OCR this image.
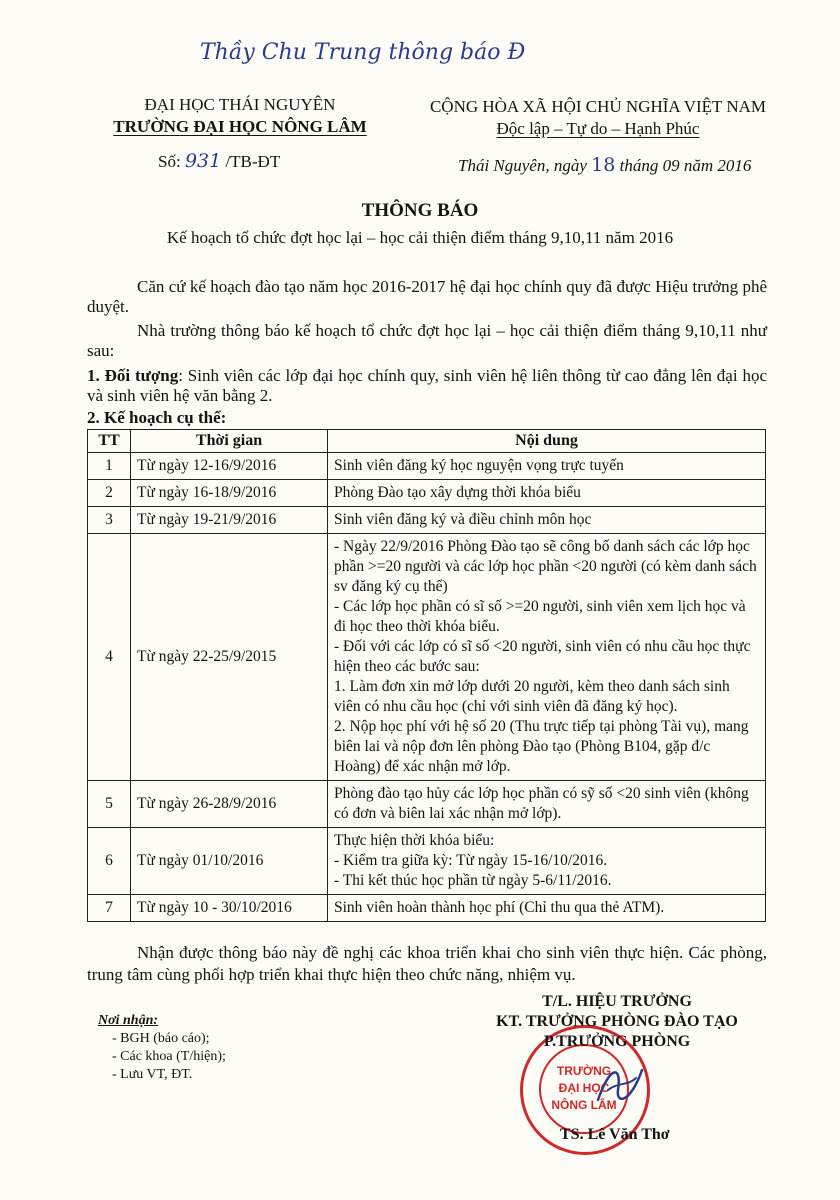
Thầy Chu Trung thông báo Đ
ĐẠI HỌC THÁI NGUYÊN
TRƯỜNG ĐẠI HỌC NÔNG LÂM
Số: 931 /TB-ĐT
CỘNG HÒA XÃ HỘI CHỦ NGHĨA VIỆT NAM
Độc lập – Tự do – Hạnh Phúc
Thái Nguyên, ngày 18 tháng 09 năm 2016
THÔNG BÁO
Kế hoạch tổ chức đợt học lại – học cải thiện điểm tháng 9,10,11 năm 2016
Căn cứ kế hoạch đào tạo năm học 2016-2017 hệ đại học chính quy đã được Hiệu trưởng phê duyệt.
Nhà trường thông báo kế hoạch tổ chức đợt học lại – học cải thiện điểm tháng 9,10,11 như sau:
1. Đối tượng: Sinh viên các lớp đại học chính quy, sinh viên hệ liên thông từ cao đẳng lên đại học và sinh viên hệ văn bằng 2.
2. Kế hoạch cụ thể:
TT	Thời gian	Nội dung
1	Từ ngày 12-16/9/2016	Sinh viên đăng ký học nguyện vọng trực tuyến
2	Từ ngày 16-18/9/2016	Phòng Đào tạo xây dựng thời khóa biểu
3	Từ ngày 19-21/9/2016	Sinh viên đăng ký và điều chỉnh môn học
4	Từ ngày 22-25/9/2015	- Ngày 22/9/2016 Phòng Đào tạo sẽ công bố danh sách các lớp học phần >=20 người và các lớp học phần <20 người (có kèm danh sách sv đăng ký cụ thể)
- Các lớp học phần có sĩ số >=20 người, sinh viên xem lịch học và đi học theo thời khóa biểu.
- Đối với các lớp có sĩ số <20 người, sinh viên có nhu cầu học thực hiện theo các bước sau:
1. Làm đơn xin mở lớp dưới 20 người, kèm theo danh sách sinh viên có nhu cầu học (chỉ với sinh viên đã đăng ký học).
2. Nộp học phí với hệ số 20 (Thu trực tiếp tại phòng Tài vụ), mang biên lai và nộp đơn lên phòng Đào tạo (Phòng B104, gặp đ/c Hoàng) để xác nhận mở lớp.

5	Từ ngày 26-28/9/2016	Phòng đào tạo hủy các lớp học phần có sỹ số <20 sinh viên (không có đơn và biên lai xác nhận mở lớp).
6	Từ ngày 01/10/2016	Thực hiện thời khóa biểu:
- Kiểm tra giữa kỳ: Từ ngày 15-16/10/2016.
- Thi kết thúc học phần từ ngày 5-6/11/2016.

7	Từ ngày 10 - 30/10/2016	Sinh viên hoàn thành học phí (Chỉ thu qua thẻ ATM).
Nhận được thông báo này đề nghị các khoa triển khai cho sinh viên thực hiện. Các phòng, trung tâm cùng phối hợp triển khai thực hiện theo chức năng, nhiệm vụ.
Nơi nhận:
- BGH (báo cáo);
- Các khoa (T/hiện);
- Lưu VT, ĐT.	TRƯỜNG
ĐẠI HỌC
NÔNG LÂM
T/L. HIỆU TRƯỞNG
KT. TRƯỞNG PHÒNG ĐÀO TẠO
P.TRƯỞNG PHÒNG
TS. Lê Văn Thơ
